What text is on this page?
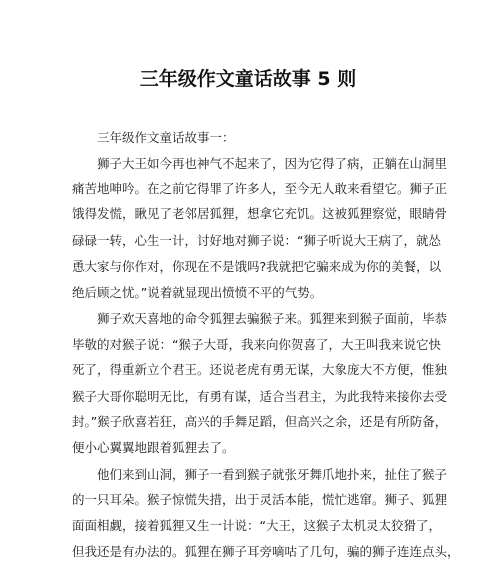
三年级作文童话故事 5 则

三年级作文童话故事一：

狮子大王如今再也神气不起来了，因为它得了病，正躺在山洞里

痛苦地呻吟。在之前它得罪了许多人，至今无人敢来看望它。狮子正

饿得发慌，瞅见了老邻居狐狸，想拿它充饥。这被狐狸察觉，眼睛骨

碌碌一转，心生一计，讨好地对狮子说：“狮子听说大王病了，就怂

恿大家与你作对，你现在不是饿吗?我就把它骗来成为你的美餐，以

绝后顾之忧。”说着就显现出愤愤不平的气势。

狮子欢天喜地的命令狐狸去骗猴子来。狐狸来到猴子面前，毕恭

毕敬的对猴子说：“猴子大哥，我来向你贺喜了，大王叫我来说它快

死了，得重新立个君王。还说老虎有勇无谋，大象庞大不方便，惟独

猴子大哥你聪明无比，有勇有谋，适合当君主，为此我特来接你去受

封。”猴子欣喜若狂，高兴的手舞足蹈，但高兴之余，还是有所防备，

便小心翼翼地跟着狐狸去了。

他们来到山洞，狮子一看到猴子就张牙舞爪地扑来，扯住了猴子

的一只耳朵。猴子惊慌失措，出于灵活本能，慌忙逃窜。狮子、狐狸

面面相觑，接着狐狸又生一计说：“大王，这猴子太机灵太狡猾了，

但我还是有办法的。狐狸在狮子耳旁嘀咕了几句，骗的狮子连连点头，
